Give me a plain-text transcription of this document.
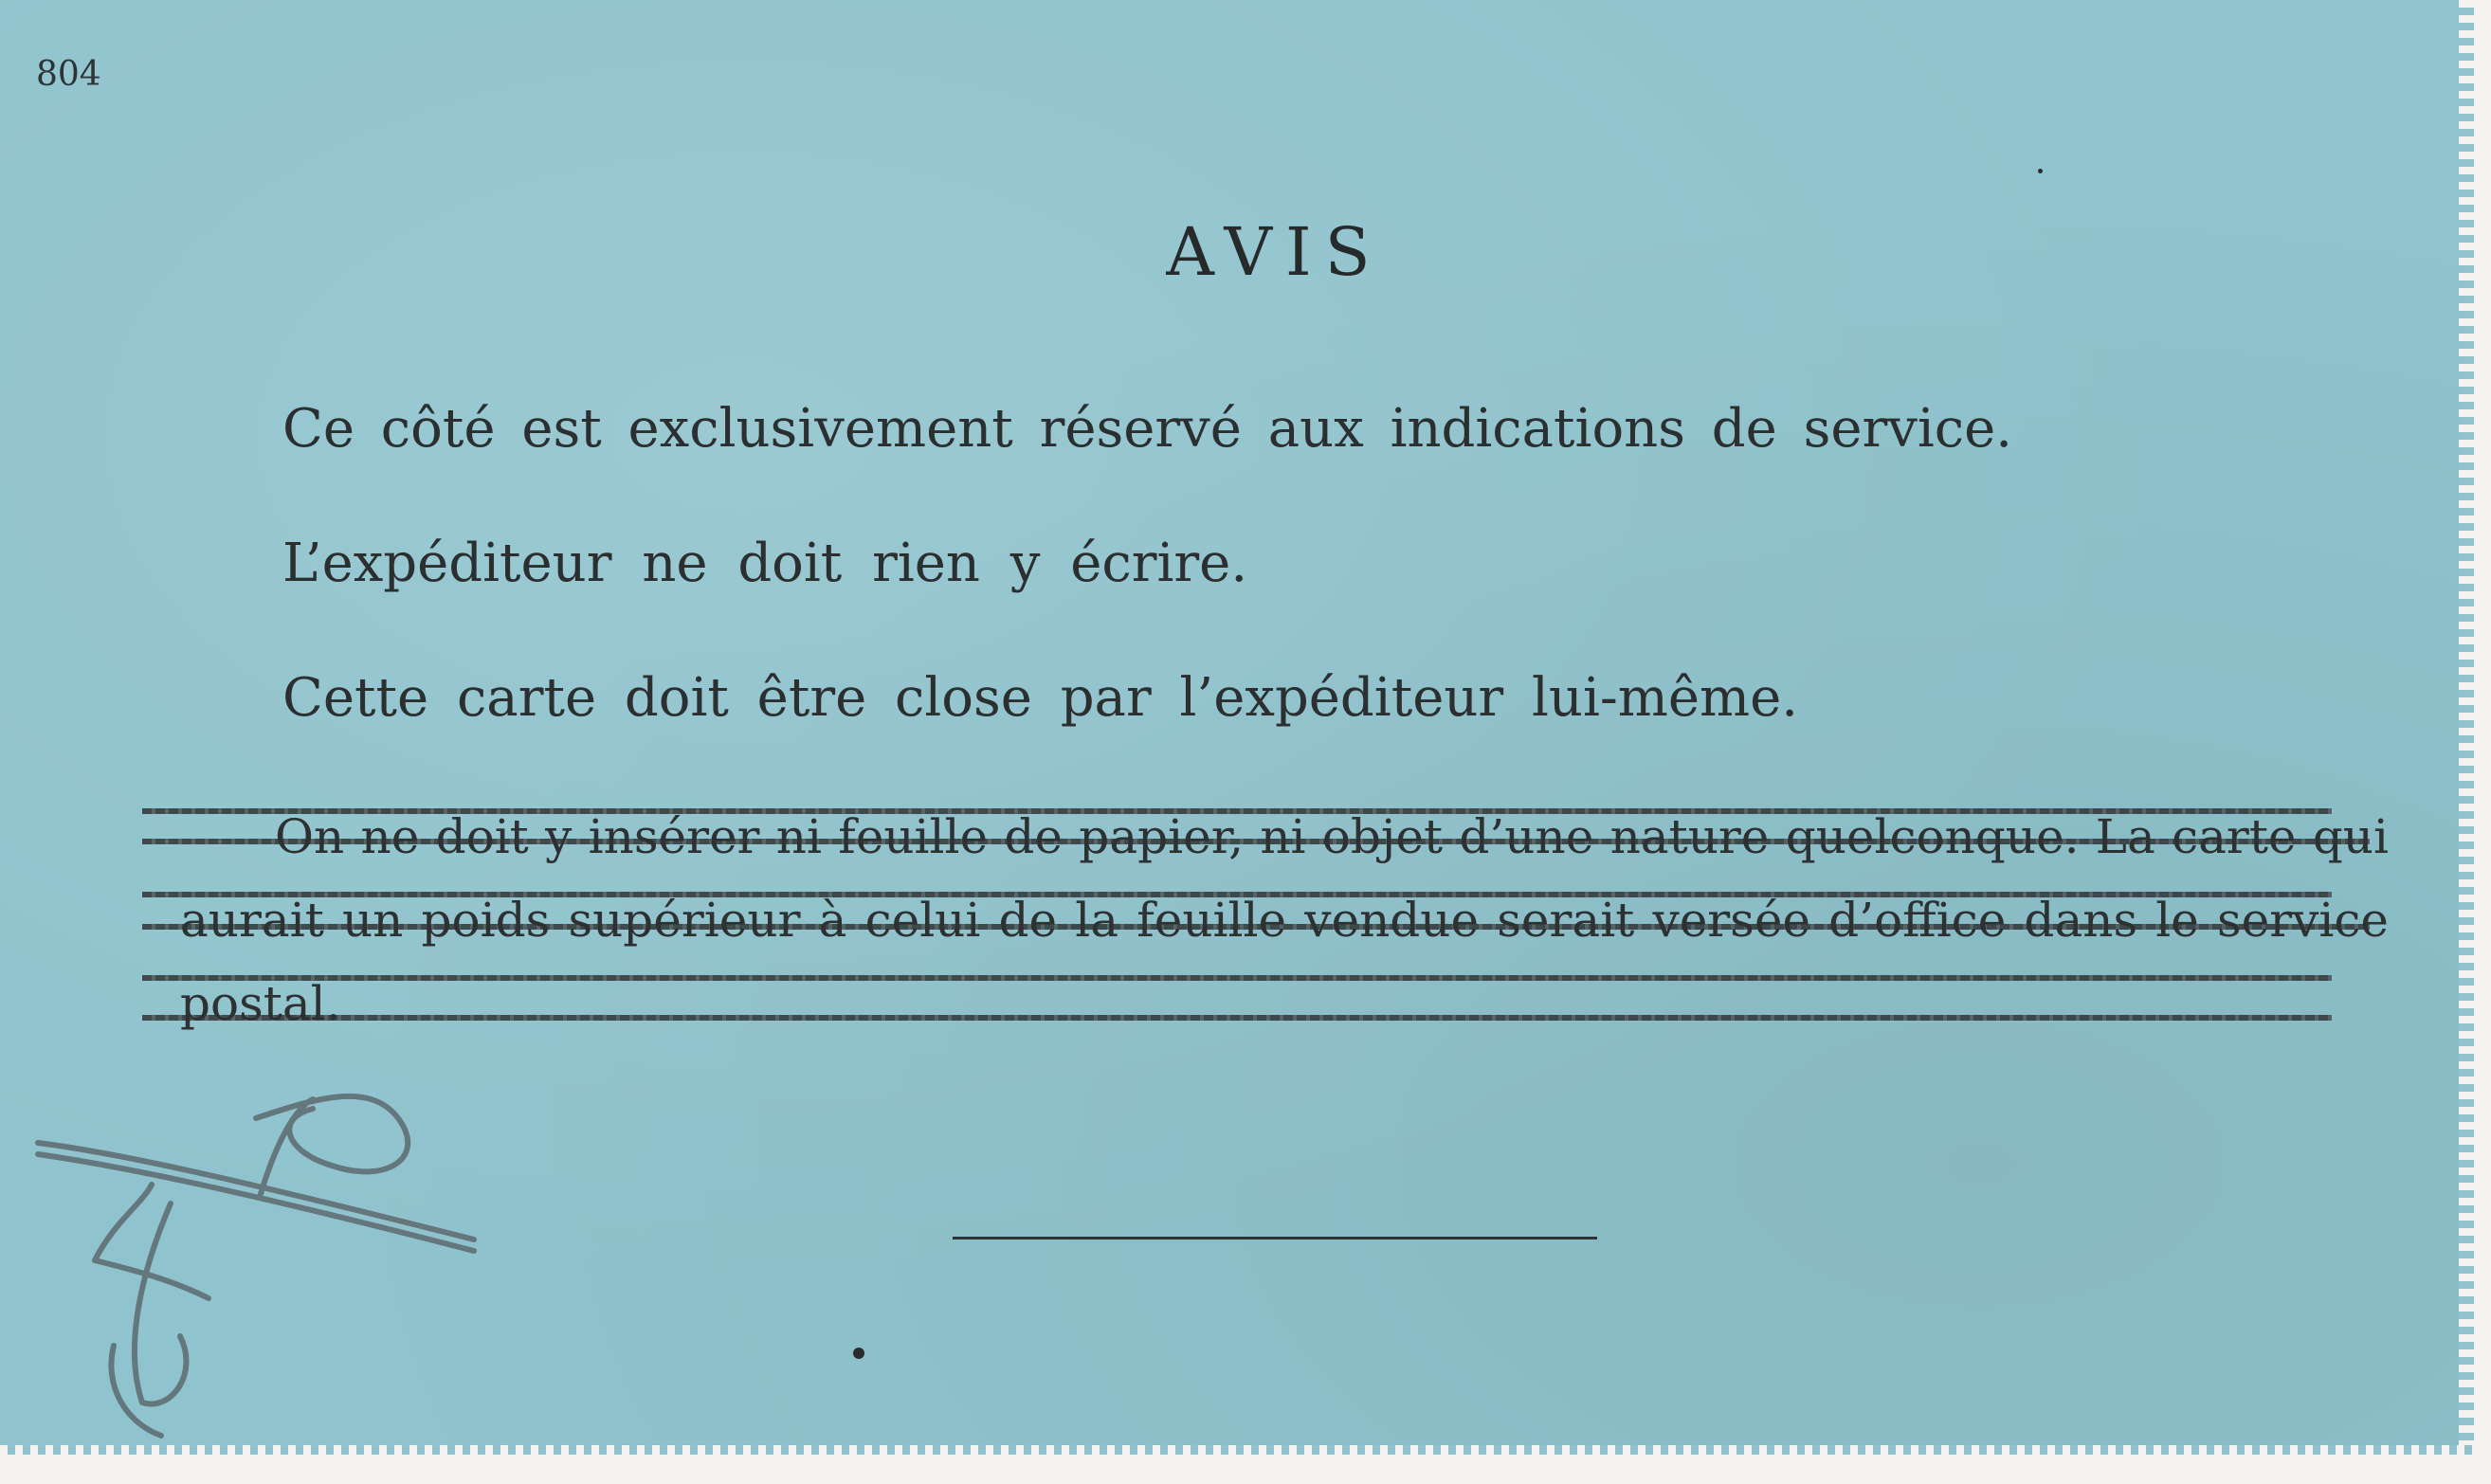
804
AVIS
Ce côté est exclusivement réservé aux indications de service.
L’expéditeur ne doit rien y écrire.
Cette carte doit être close par l’expéditeur lui-même.
On ne doit y insérer ni feuille de papier, ni objet d’une nature quelconque. La carte qui aurait un poids supérieur à celui de la feuille vendue serait versée d’office dans le service postal.
